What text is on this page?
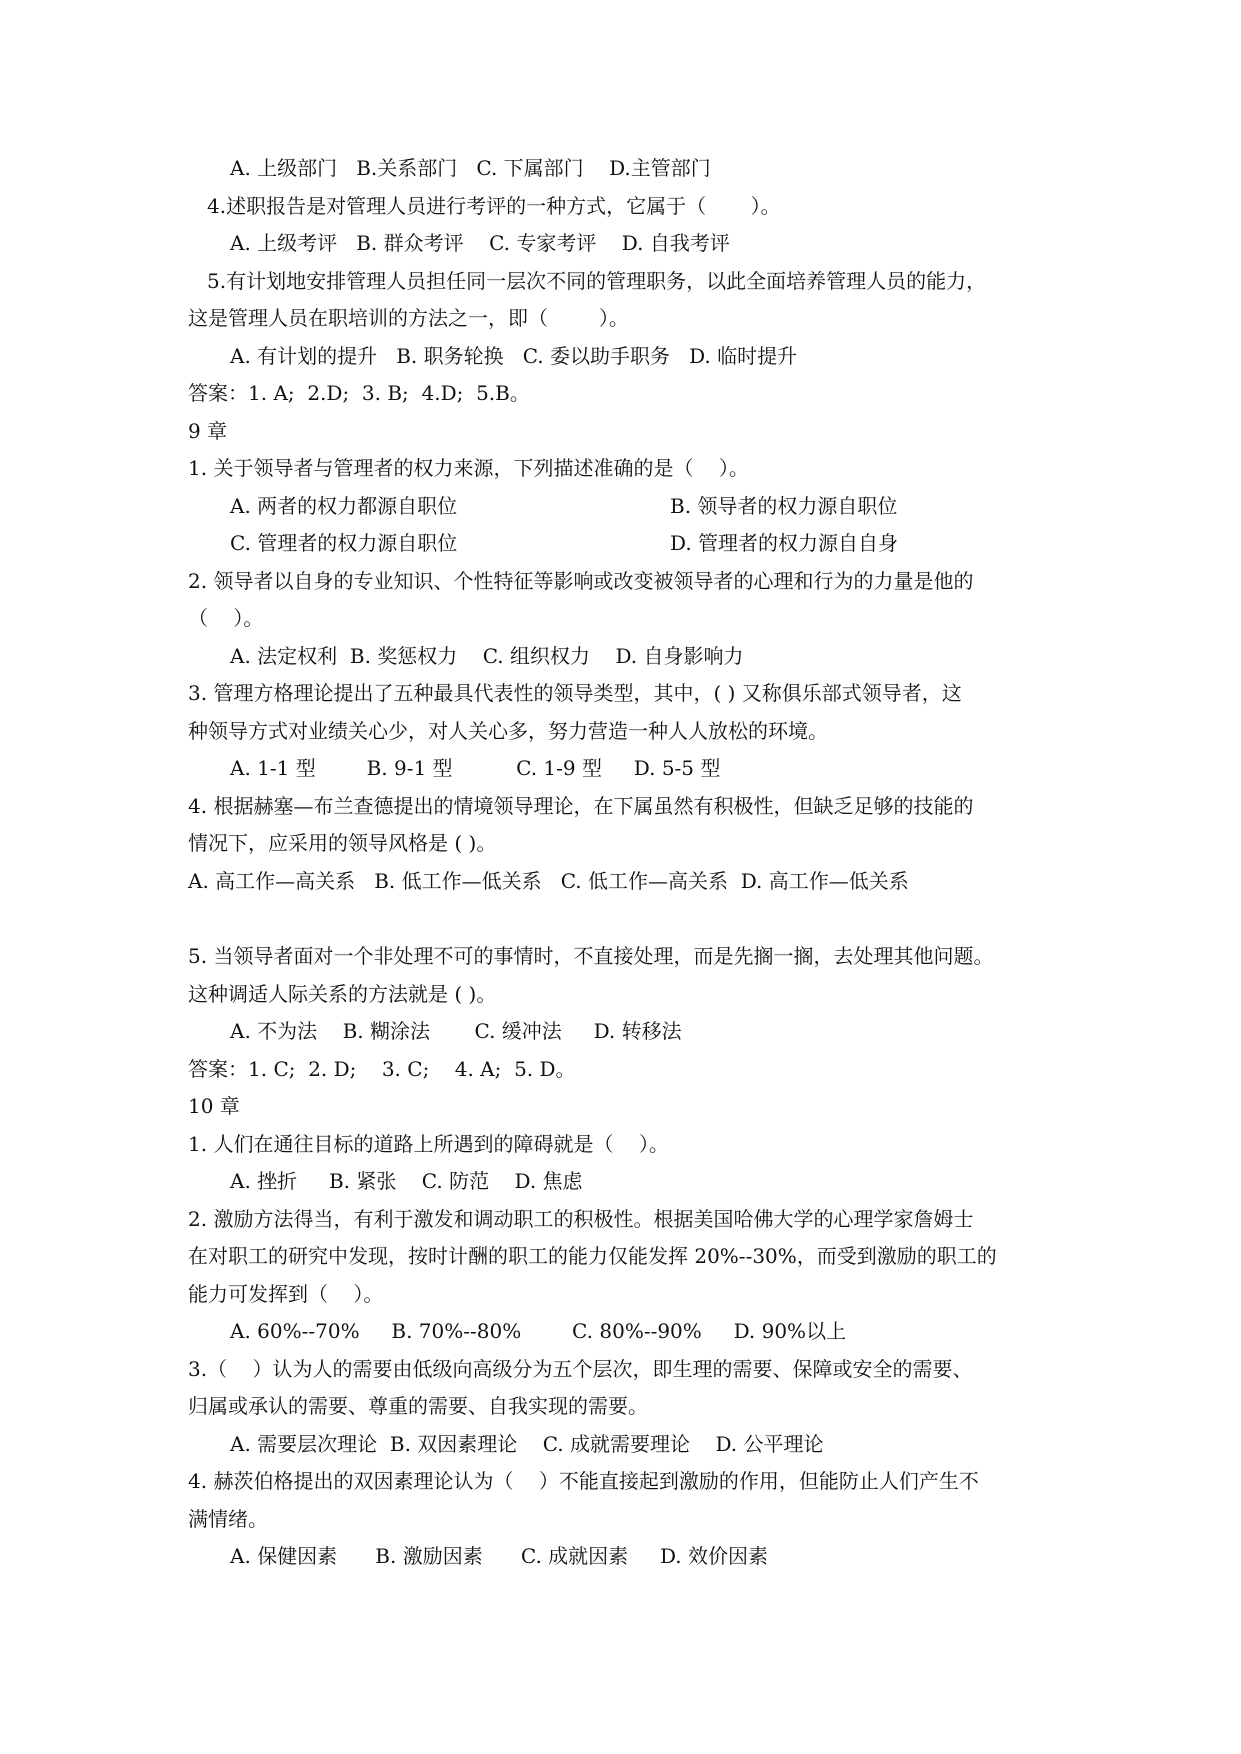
A. 上级部门   B.关系部门   C. 下属部门    D.主管部门
4.述职报告是对管理人员进行考评的一种方式，它属于（       ）。
A. 上级考评   B. 群众考评    C. 专家考评    D. 自我考评
5.有计划地安排管理人员担任同一层次不同的管理职务，以此全面培养管理人员的能力，
这是管理人员在职培训的方法之一，即（        ）。
A. 有计划的提升   B. 职务轮换   C. 委以助手职务   D. 临时提升
答案：1. A;  2.D;  3. B;  4.D;  5.B。
9 章
1. 关于领导者与管理者的权力来源，下列描述准确的是（    ）。
A. 两者的权力都源自职位	B. 领导者的权力源自职位
C. 管理者的权力源自职位	D. 管理者的权力源自自身
2. 领导者以自身的专业知识、个性特征等影响或改变被领导者的心理和行为的力量是他的
（    ）。
A. 法定权利  B. 奖惩权力    C. 组织权力    D. 自身影响力
3. 管理方格理论提出了五种最具代表性的领导类型，其中，( ) 又称俱乐部式领导者，这
种领导方式对业绩关心少，对人关心多，努力营造一种人人放松的环境。
A. 1-1 型        B. 9-1 型          C. 1-9 型     D. 5-5 型
4. 根据赫塞—布兰查德提出的情境领导理论，在下属虽然有积极性，但缺乏足够的技能的
情况下，应采用的领导风格是 ( )。
A. 高工作—高关系   B. 低工作—低关系   C. 低工作—高关系  D. 高工作—低关系
5. 当领导者面对一个非处理不可的事情时，不直接处理，而是先搁一搁，去处理其他问题。
这种调适人际关系的方法就是 ( )。
A. 不为法    B. 糊涂法       C. 缓冲法     D. 转移法
答案：1. C;  2. D;    3. C;    4. A;  5. D。
10 章
1. 人们在通往目标的道路上所遇到的障碍就是（    ）。
A. 挫折     B. 紧张    C. 防范    D. 焦虑
2. 激励方法得当，有利于激发和调动职工的积极性。根据美国哈佛大学的心理学家詹姆士
在对职工的研究中发现，按时计酬的职工的能力仅能发挥 20%--30%，而受到激励的职工的
能力可发挥到（    ）。
A. 60%--70%     B. 70%--80%        C. 80%--90%     D. 90%以上
3.（    ）认为人的需要由低级向高级分为五个层次，即生理的需要、保障或安全的需要、
归属或承认的需要、尊重的需要、自我实现的需要。
A. 需要层次理论  B. 双因素理论    C. 成就需要理论    D. 公平理论
4. 赫茨伯格提出的双因素理论认为（    ）不能直接起到激励的作用，但能防止人们产生不
满情绪。
A. 保健因素      B. 激励因素      C. 成就因素     D. 效价因素
